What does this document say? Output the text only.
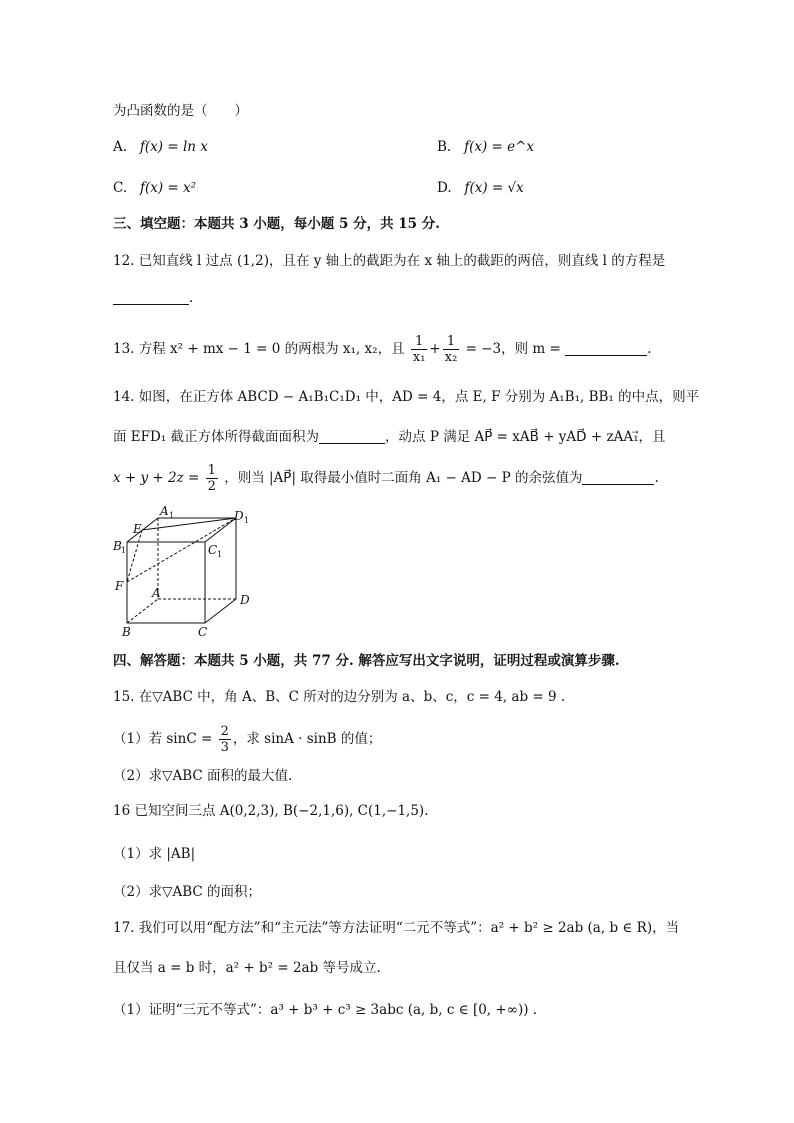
为凸函数的是（　　）
A. f(x) = ln x	B. f(x) = e^x
C. f(x) = x²	D. f(x) = √x
三、填空题：本题共 3 小题，每小题 5 分，共 15 分.
12. 已知直线 l 过点 (1,2)，且在 y 轴上的截距为在 x 轴上的截距的两倍，则直线 l 的方程是
.
13. 方程 x² + mx − 1 = 0 的两根为 x₁, x₂，且 $\frac{1}{\text{x₁}} + \frac{1}{\text{x₂}} = -3$，则 m =	.
14. 如图，在正方体 ABCD − A₁B₁C₁D₁ 中，AD = 4，点 E, F 分别为 A₁B₁, BB₁ 的中点，则平
面 EFD₁ 截正方体所得截面面积为	，动点 P 满足 AP⃗ = xAB⃗ + yAD⃗ + zAA₁⃗，且
$x + y + 2z = \frac{1}{2}$ ，则当 |AP⃗| 取得最小值时二面角 A₁ − AD − P 的余弦值为	.
E
A 1	D 1
B 1	C 1
F A	D
B	C
四、解答题：本题共 5 小题，共 77 分. 解答应写出文字说明，证明过程或演算步骤.
15. 在▽ABC 中，角 A、B、C 所对的边分别为 a、b、c，c = 4, ab = 9 .
（1）若 $\sin C = \frac{2}{3}$ ，求 sinA · sinB 的值；
（2）求▽ABC 面积的最大值.
16 已知空间三点 A(0,2,3), B(−2,1,6), C(1,−1,5).
（1）求 |AB|
（2）求▽ABC 的面积；
17. 我们可以用“配方法”和“主元法”等方法证明“二元不等式”：a² + b² ≥ 2ab (a, b ∈ R)，当
且仅当 a = b 时，a² + b² = 2ab 等号成立.
（1）证明“三元不等式”：a³ + b³ + c³ ≥ 3abc (a, b, c ∈ [0, +∞)) .
